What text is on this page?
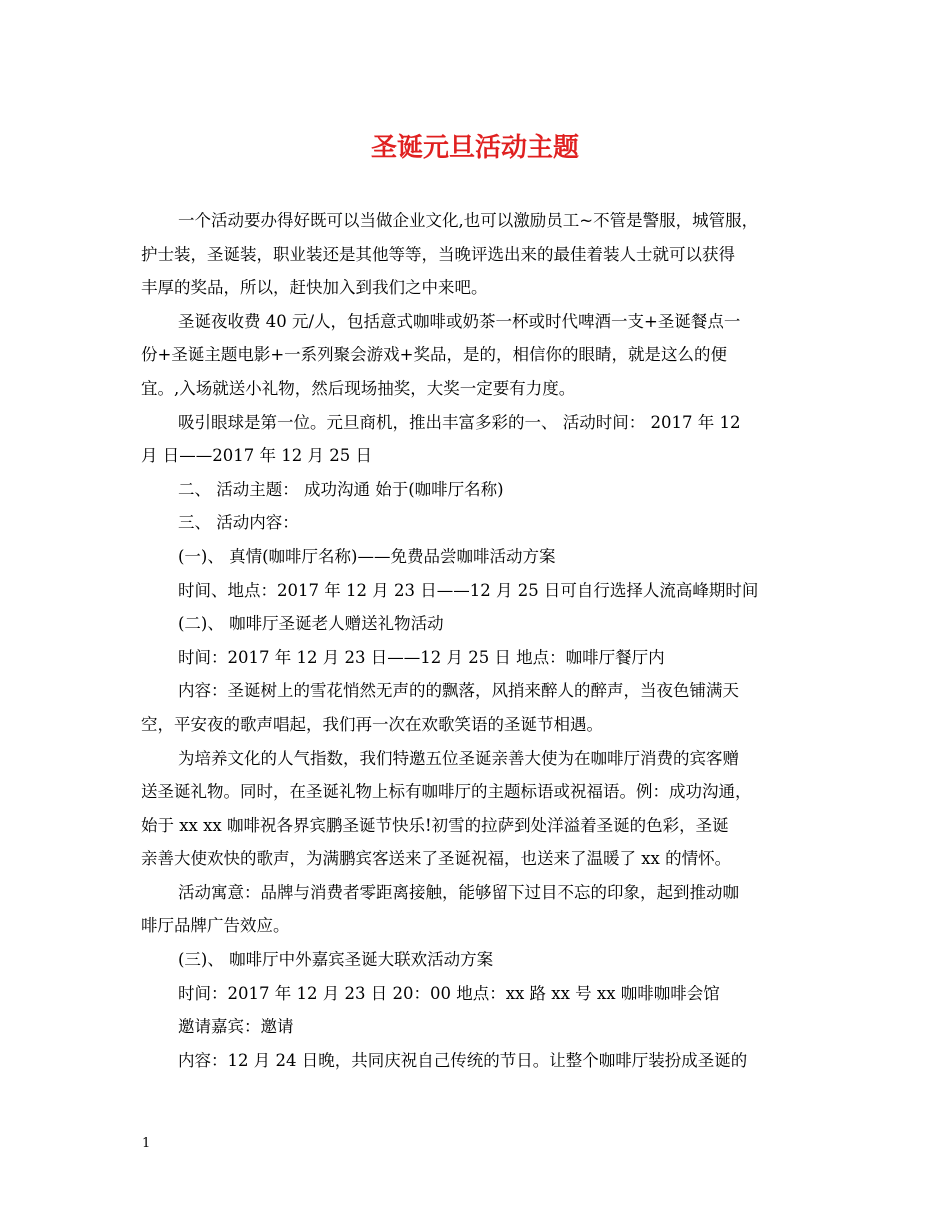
圣诞元旦活动主题
一个活动要办得好既可以当做企业文化,也可以激励员工~不管是警服，城管服，
护士装，圣诞装，职业装还是其他等等，当晚评选出来的最佳着装人士就可以获得
丰厚的奖品，所以，赶快加入到我们之中来吧。
圣诞夜收费 40 元/人，包括意式咖啡或奶茶一杯或时代啤酒一支+圣诞餐点一
份+圣诞主题电影+一系列聚会游戏+奖品，是的，相信你的眼睛，就是这么的便
宜。,入场就送小礼物，然后现场抽奖，大奖一定要有力度。
吸引眼球是第一位。元旦商机，推出丰富多彩的一、 活动时间： 2017 年 12
月 日——2017 年 12 月 25 日
二、 活动主题： 成功沟通 始于(咖啡厅名称)
三、 活动内容：
(一)、 真情(咖啡厅名称)——免费品尝咖啡活动方案
时间、地点：2017 年 12 月 23 日——12 月 25 日可自行选择人流高峰期时间
(二)、 咖啡厅圣诞老人赠送礼物活动
时间：2017 年 12 月 23 日——12 月 25 日 地点：咖啡厅餐厅内
内容：圣诞树上的雪花悄然无声的的飘落，风捎来醉人的醉声，当夜色铺满天
空，平安夜的歌声唱起，我们再一次在欢歌笑语的圣诞节相遇。
为培养文化的人气指数，我们特邀五位圣诞亲善大使为在咖啡厅消费的宾客赠
送圣诞礼物。同时，在圣诞礼物上标有咖啡厅的主题标语或祝福语。例：成功沟通，
始于 xx xx 咖啡祝各界宾鹏圣诞节快乐!初雪的拉萨到处洋溢着圣诞的色彩，圣诞
亲善大使欢快的歌声，为满鹏宾客送来了圣诞祝福，也送来了温暖了 xx 的情怀。
活动寓意：品牌与消费者零距离接触，能够留下过目不忘的印象，起到推动咖
啡厅品牌广告效应。
(三)、 咖啡厅中外嘉宾圣诞大联欢活动方案
时间：2017 年 12 月 23 日 20：00 地点：xx 路 xx 号 xx 咖啡咖啡会馆
邀请嘉宾：邀请
内容：12 月 24 日晚，共同庆祝自己传统的节日。让整个咖啡厅装扮成圣诞的
1
